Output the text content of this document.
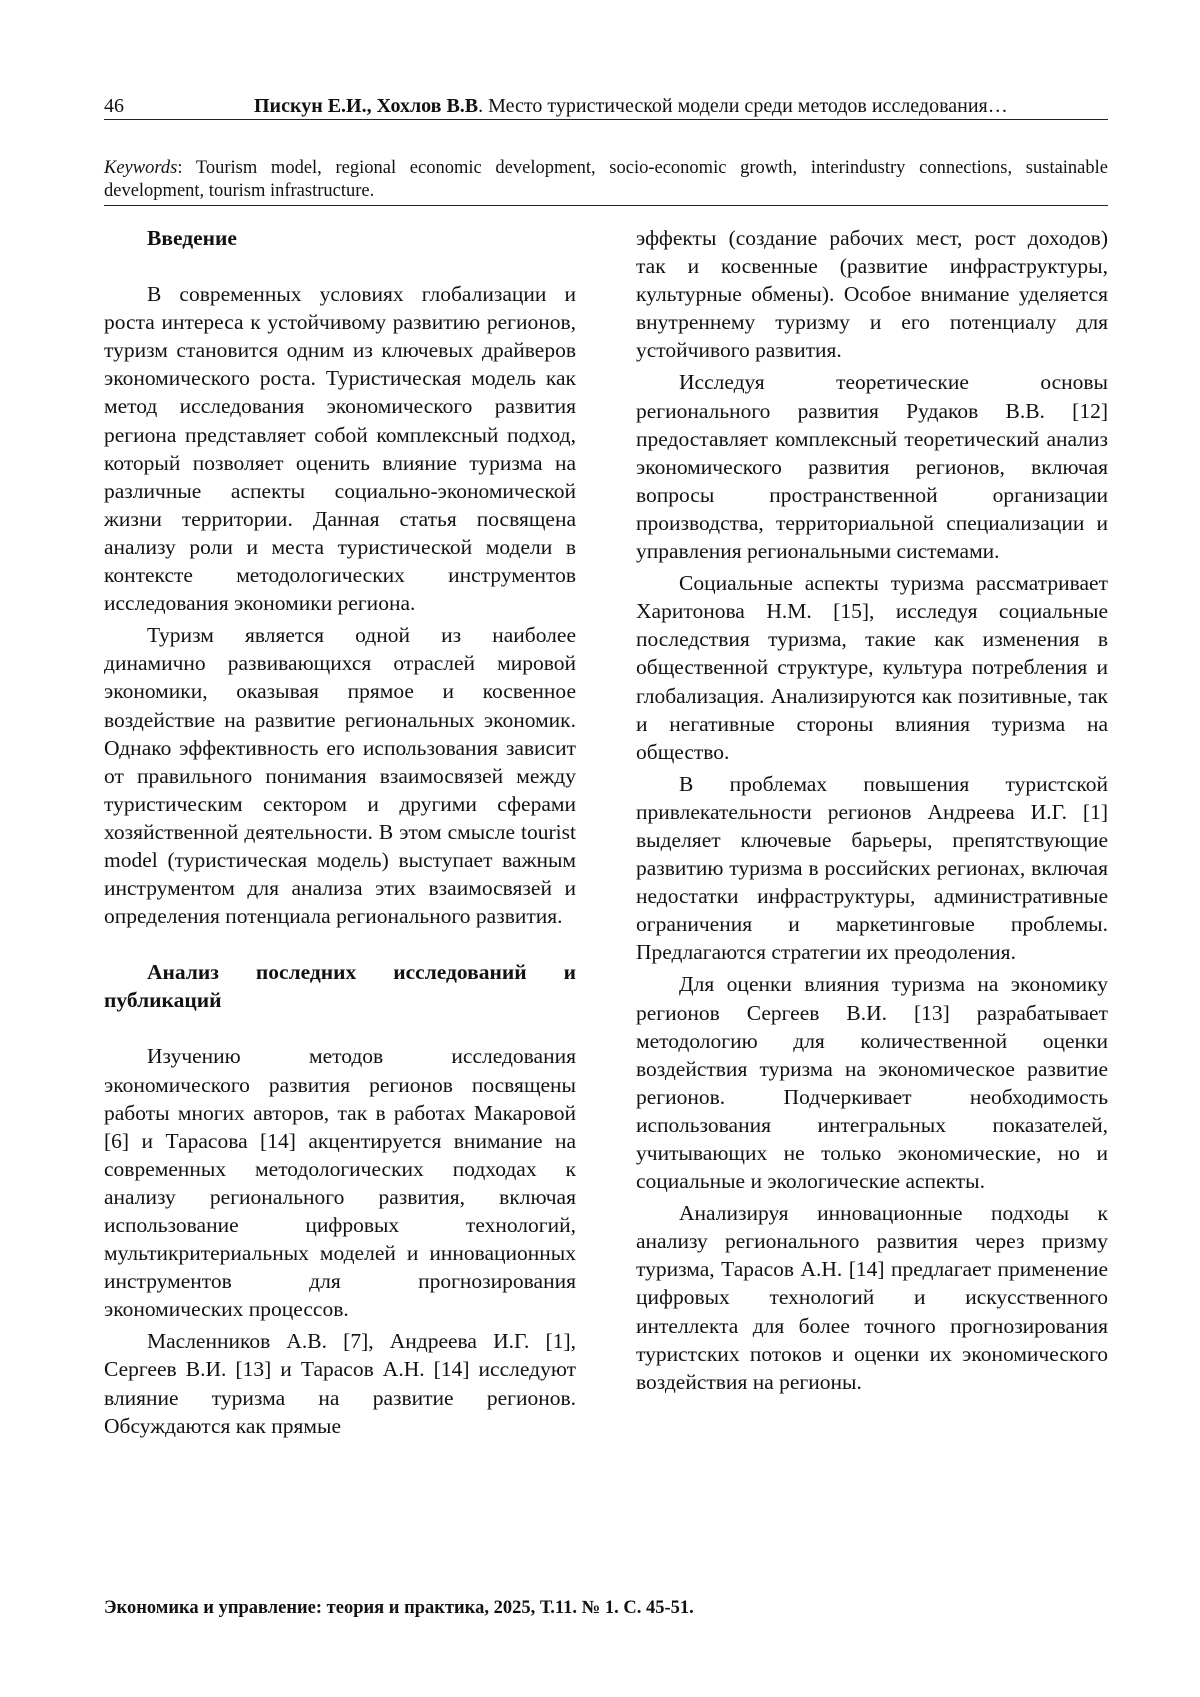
46	Пискун Е.И., Хохлов В.В. Место туристической модели среди методов исследования…
Keywords: Tourism model, regional economic development, socio-economic growth, interindustry connections, sustainable development, tourism infrastructure.
Введение

В современных условиях глобализации и роста интереса к устойчивому развитию регионов, туризм становится одним из ключевых драйверов экономического роста. Туристическая модель как метод исследования экономического развития региона представляет собой комплексный подход, который позволяет оценить влияние туризма на различные аспекты социально-экономической жизни территории. Данная статья посвящена анализу роли и места туристической модели в контексте методологических инструментов исследования экономики региона.

Туризм является одной из наиболее динамично развивающихся отраслей мировой экономики, оказывая прямое и косвенное воздействие на развитие региональных экономик. Однако эффективность его использования зависит от правильного понимания взаимосвязей между туристическим сектором и другими сферами хозяйственной деятельности. В этом смысле tourist model (туристическая модель) выступает важным инструментом для анализа этих взаимосвязей и определения потенциала регионального развития.

Анализ последних исследований и публикаций

Изучению методов исследования экономического развития регионов посвящены работы многих авторов, так в работах Макаровой [6] и Тарасова [14] акцентируется внимание на современных методологических подходах к анализу регионального развития, включая использование цифровых технологий, мультикритериальных моделей и инновационных инструментов для прогнозирования экономических процессов.

Масленников А.В. [7], Андреева И.Г. [1], Сергеев В.И. [13] и Тарасов А.Н. [14] исследуют влияние туризма на развитие регионов. Обсуждаются как прямые

эффекты (создание рабочих мест, рост доходов) так и косвенные (развитие инфраструктуры, культурные обмены). Особое внимание уделяется внутреннему туризму и его потенциалу для устойчивого развития.

Исследуя теоретические основы регионального развития Рудаков В.В. [12] предоставляет комплексный теоретический анализ экономического развития регионов, включая вопросы пространственной организации производства, территориальной специализации и управления региональными системами.

Социальные аспекты туризма рассматривает Харитонова Н.М. [15], исследуя социальные последствия туризма, такие как изменения в общественной структуре, культура потребления и глобализация. Анализируются как позитивные, так и негативные стороны влияния туризма на общество.

В проблемах повышения туристской привлекательности регионов Андреева И.Г. [1] выделяет ключевые барьеры, препятствующие развитию туризма в российских регионах, включая недостатки инфраструктуры, административные ограничения и маркетинговые проблемы. Предлагаются стратегии их преодоления.

Для оценки влияния туризма на экономику регионов Сергеев В.И. [13] разрабатывает методологию для количественной оценки воздействия туризма на экономическое развитие регионов. Подчеркивает необходимость использования интегральных показателей, учитывающих не только экономические, но и социальные и экологические аспекты.

Анализируя инновационные подходы к анализу регионального развития через призму туризма, Тарасов А.Н. [14] предлагает применение цифровых технологий и искусственного интеллекта для более точного прогнозирования туристских потоков и оценки их экономического воздействия на регионы.

Экономика и управление: теория и практика, 2025, Т.11. № 1. С. 45-51.
